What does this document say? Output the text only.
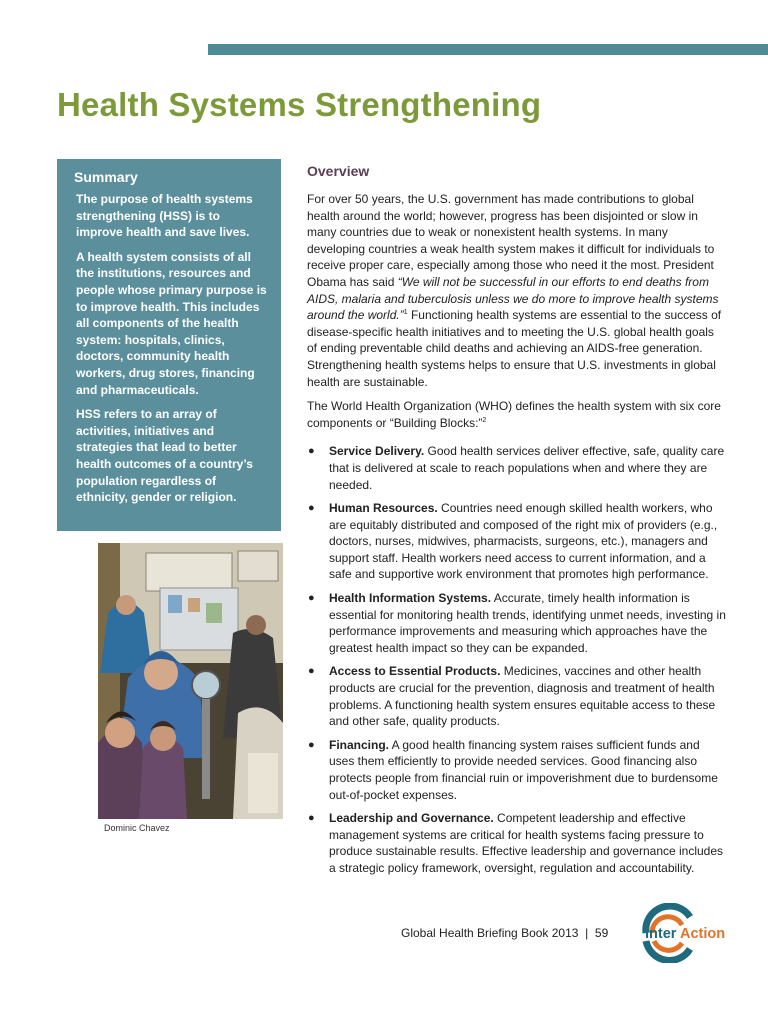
Health Systems Strengthening
Summary

The purpose of health systems strengthening (HSS) is to improve health and save lives.

A health system consists of all the institutions, resources and people whose primary purpose is to improve health. This includes all components of the health system: hospitals, clinics, doctors, community health workers, drug stores, financing and pharmaceuticals.

HSS refers to an array of activities, initiatives and strategies that lead to better health outcomes of a country’s population regardless of ethnicity, gender or religion.

Dominic Chavez
Overview

For over 50 years, the U.S. government has made contributions to global health around the world; however, progress has been disjointed or slow in many countries due to weak or nonexistent health systems. In many developing countries a weak health system makes it difficult for individuals to receive proper care, especially among those who need it the most. President Obama has said “We will not be successful in our efforts to end deaths from AIDS, malaria and tuberculosis unless we do more to improve health systems around the world.”$^1$ Functioning health systems are essential to the success of disease-specific health initiatives and to meeting the U.S. global health goals of ending preventable child deaths and achieving an AIDS-free generation. Strengthening health systems helps to ensure that U.S. investments in global health are sustainable.

The World Health Organization (WHO) defines the health system with six core components or “Building Blocks:”$^2$

● Service Delivery. Good health services deliver effective, safe, quality care that is delivered at scale to reach populations when and where they are needed.
● Human Resources. Countries need enough skilled health workers, who are equitably distributed and composed of the right mix of providers (e.g., doctors, nurses, midwives, pharmacists, surgeons, etc.), managers and support staff. Health workers need access to current information, and a safe and supportive work environment that promotes high performance.
● Health Information Systems. Accurate, timely health information is essential for monitoring health trends, identifying unmet needs, investing in performance improvements and measuring which approaches have the greatest health impact so they can be expanded.
● Access to Essential Products. Medicines, vaccines and other health products are crucial for the prevention, diagnosis and treatment of health problems. A functioning health system ensures equitable access to these and other safe, quality products.
● Financing. A good health financing system raises sufficient funds and uses them efficiently to provide needed services. Good financing also protects people from financial ruin or impoverishment due to burdensome out-of-pocket expenses.
● Leadership and Governance. Competent leadership and effective management systems are critical for health systems facing pressure to produce sustainable results. Effective leadership and governance includes a strategic policy framework, oversight, regulation and accountability.
Global Health Briefing Book 2013 | 59	Inter Action
